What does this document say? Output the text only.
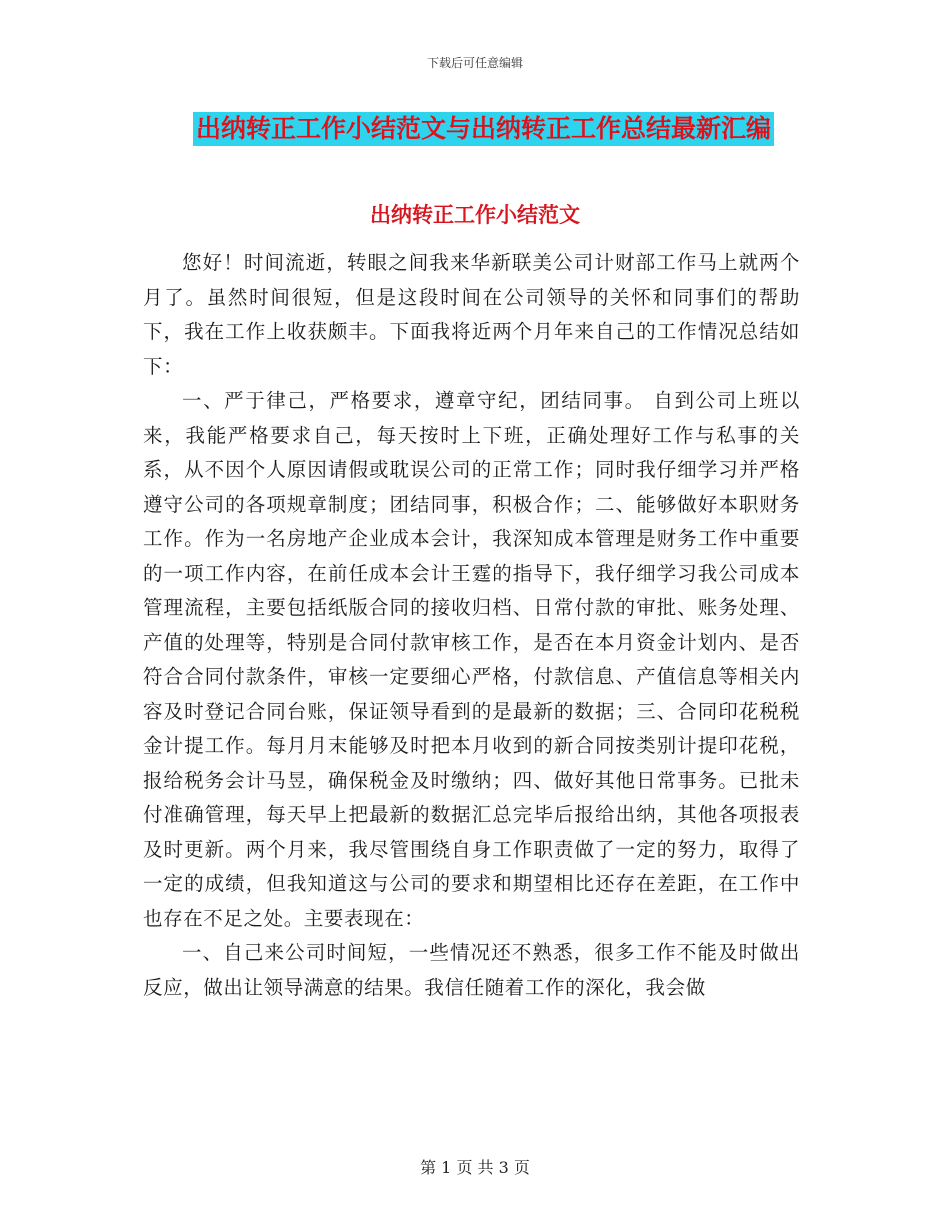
下载后可任意编辑
出纳转正工作小结范文与出纳转正工作总结最新汇编
出纳转正工作小结范文

您好！时间流逝，转眼之间我来华新联美公司计财部工作马上就两个月了。虽然时间很短，但是这段时间在公司领导的关怀和同事们的帮助下，我在工作上收获颇丰。下面我将近两个月年来自己的工作情况总结如下：

一、严于律己，严格要求，遵章守纪，团结同事。 自到公司上班以来，我能严格要求自己，每天按时上下班，正确处理好工作与私事的关系，从不因个人原因请假或耽误公司的正常工作；同时我仔细学习并严格遵守公司的各项规章制度；团结同事，积极合作；二、能够做好本职财务工作。作为一名房地产企业成本会计，我深知成本管理是财务工作中重要的一项工作内容，在前任成本会计王霆的指导下，我仔细学习我公司成本管理流程，主要包括纸版合同的接收归档、日常付款的审批、账务处理、产值的处理等，特别是合同付款审核工作，是否在本月资金计划内、是否符合合同付款条件，审核一定要细心严格，付款信息、产值信息等相关内容及时登记合同台账，保证领导看到的是最新的数据；三、合同印花税税金计提工作。每月月末能够及时把本月收到的新合同按类别计提印花税，报给税务会计马昱，确保税金及时缴纳；四、做好其他日常事务。已批未付准确管理，每天早上把最新的数据汇总完毕后报给出纳，其他各项报表及时更新。两个月来，我尽管围绕自身工作职责做了一定的努力，取得了一定的成绩，但我知道这与公司的要求和期望相比还存在差距，在工作中也存在不足之处。主要表现在：

一、自己来公司时间短，一些情况还不熟悉，很多工作不能及时做出反应，做出让领导满意的结果。我信任随着工作的深化，我会做

第 1 页 共 3 页
